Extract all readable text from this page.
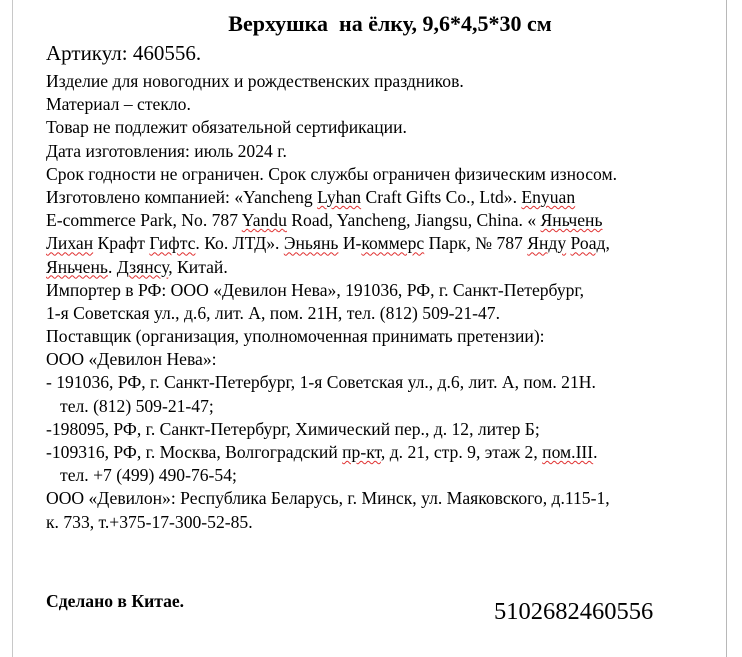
Верхушка  на ёлку, 9,6*4,5*30 см
Артикул: 460556.
Изделие для новогодних и рождественских праздников.
Материал – стекло.
Товар не подлежит обязательной сертификации.
Дата изготовления: июль 2024 г.
Срок годности не ограничен. Срок службы ограничен физическим износом.
Изготовлено компанией: «Yancheng Lyhan Craft Gifts Co., Ltd». Enyuan
E-commerce Park, No. 787 Yandu Road, Yancheng, Jiangsu, China. « Яньчень
Лихан Крафт Гифтс. Ко. ЛТД». Эньянь И-коммерс Парк, № 787 Янду Роад,
Яньчень. Дзянсу, Китай.
Импортер в РФ: ООО «Девилон Нева», 191036, РФ, г. Санкт-Петербург,
1-я Советская ул., д.6, лит. А, пом. 21Н, тел. (812) 509-21-47.
Поставщик (организация, уполномоченная принимать претензии):
ООО «Девилон Нева»:
- 191036, РФ, г. Санкт-Петербург, 1-я Советская ул., д.6, лит. А, пом. 21Н.
тел. (812) 509-21-47;
-198095, РФ, г. Санкт-Петербург, Химический пер., д. 12, литер Б;
-109316, РФ, г. Москва, Волгоградский пр-кт, д. 21, стр. 9, этаж 2, пом.III.
тел. +7 (499) 490-76-54;
ООО «Девилон»: Республика Беларусь, г. Минск, ул. Маяковского, д.115-1,
к. 733, т.+375-17-300-52-85.
Сделано в Китае.	5102682460556
